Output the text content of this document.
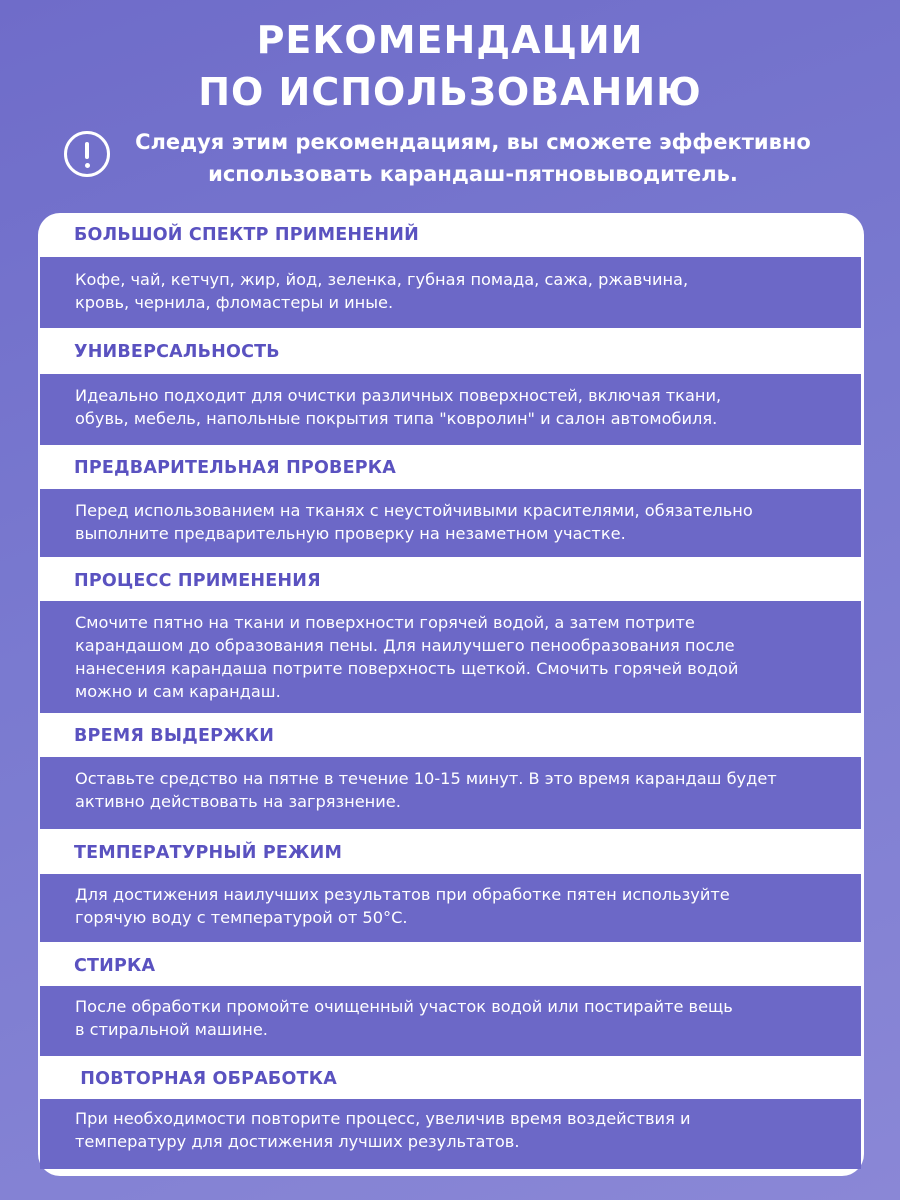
РЕКОМЕНДАЦИИ
ПО ИСПОЛЬЗОВАНИЮ
Следуя этим рекомендациям, вы сможете эффективно
использовать карандаш-пятновыводитель.
БОЛЬШОЙ СПЕКТР ПРИМЕНЕНИЙ
Кофе, чай, кетчуп, жир, йод, зеленка, губная помада, сажа, ржавчина,
кровь, чернила, фломастеры и иные.
УНИВЕРСАЛЬНОСТЬ
Идеально подходит для очистки различных поверхностей, включая ткани,
обувь, мебель, напольные покрытия типа "ковролин" и салон автомобиля.
ПРЕДВАРИТЕЛЬНАЯ ПРОВЕРКА
Перед использованием на тканях с неустойчивыми красителями, обязательно
выполните предварительную проверку на незаметном участке.
ПРОЦЕСС ПРИМЕНЕНИЯ
Смочите пятно на ткани и поверхности горячей водой, а затем потрите
карандашом до образования пены. Для наилучшего пенообразования после
нанесения карандаша потрите поверхность щеткой. Смочить горячей водой
можно и сам карандаш.
ВРЕМЯ ВЫДЕРЖКИ
Оставьте средство на пятне в течение 10-15 минут. В это время карандаш будет
активно действовать на загрязнение.
ТЕМПЕРАТУРНЫЙ РЕЖИМ
Для достижения наилучших результатов при обработке пятен используйте
горячую воду с температурой от 50°С.
СТИРКА
После обработки промойте очищенный участок водой или постирайте вещь
в стиральной машине.
ПОВТОРНАЯ ОБРАБОТКА
При необходимости повторите процесс, увеличив время воздействия и
температуру для достижения лучших результатов.
